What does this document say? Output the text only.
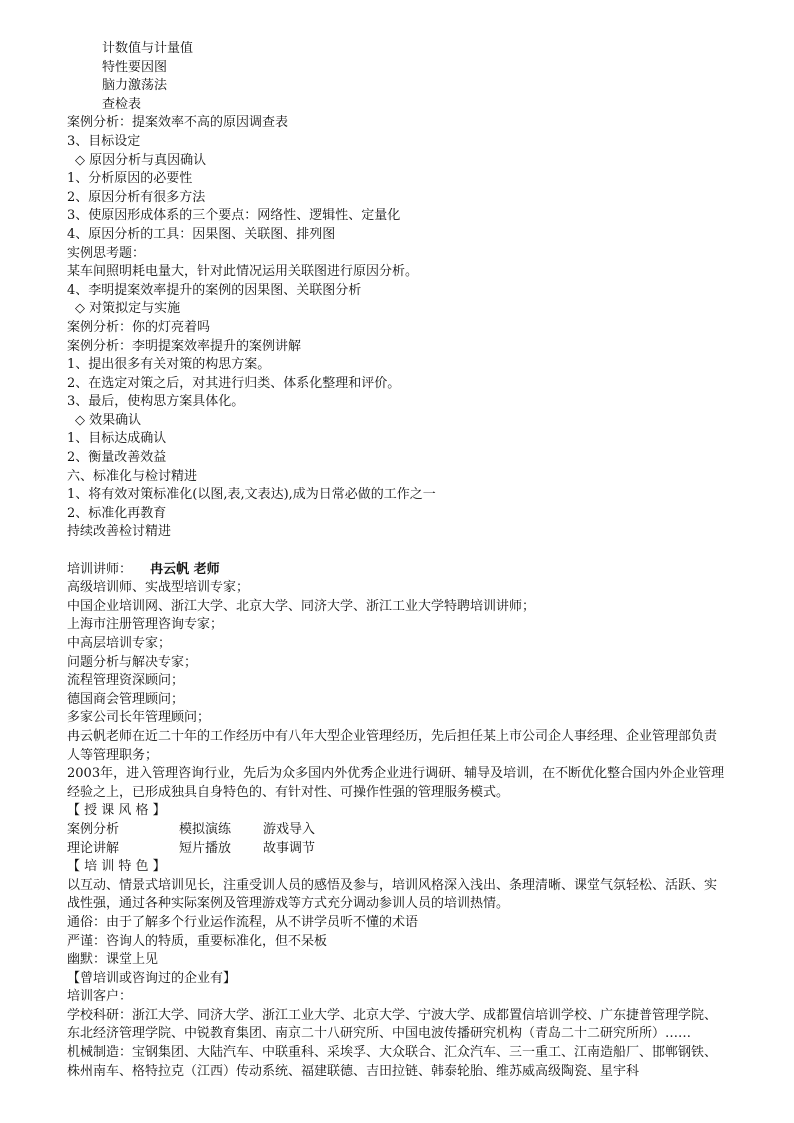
计数值与计量值
特性要因图
脑力激荡法
查检表
案例分析：提案效率不高的原因调查表
3、目标设定
◇ 原因分析与真因确认
1、分析原因的必要性
2、原因分析有很多方法
3、使原因形成体系的三个要点：网络性、逻辑性、定量化
4、原因分析的工具：因果图、关联图、排列图
实例思考题：
某车间照明耗电量大，针对此情况运用关联图进行原因分析。
4、李明提案效率提升的案例的因果图、关联图分析
◇ 对策拟定与实施
案例分析：你的灯亮着吗
案例分析：李明提案效率提升的案例讲解
1、提出很多有关对策的构思方案。
2、在选定对策之后，对其进行归类、体系化整理和评价。
3、最后，使构思方案具体化。
◇ 效果确认
1、目标达成确认
2、衡量改善效益
六、标准化与检讨精进
1、将有效对策标准化(以图,表,文表达),成为日常必做的工作之一
2、标准化再教育
持续改善检讨精进
培训讲师： 冉云帆 老师
高级培训师、实战型培训专家；
中国企业培训网、浙江大学、北京大学、同济大学、浙江工业大学特聘培训讲师；
上海市注册管理咨询专家；
中高层培训专家；
问题分析与解决专家；
流程管理资深顾问；
德国商会管理顾问；
多家公司长年管理顾问；
冉云帆老师在近二十年的工作经历中有八年大型企业管理经历，先后担任某上市公司企人事经理、企业管理部负责人等管理职务；
2003年，进入管理咨询行业，先后为众多国内外优秀企业进行调研、辅导及培训，在不断优化整合国内外企业管理经验之上，已形成独具自身特色的、有针对性、可操作性强的管理服务模式。
【 授 课 风 格 】
案例分析	模拟演练	游戏导入
理论讲解	短片播放	故事调节
【 培 训 特 色 】
以互动、情景式培训见长，注重受训人员的感悟及参与，培训风格深入浅出、条理清晰、课堂气氛轻松、活跃、实战性强，通过各种实际案例及管理游戏等方式充分调动参训人员的培训热情。
通俗：由于了解多个行业运作流程，从不讲学员听不懂的术语
严谨：咨询人的特质，重要标准化，但不呆板
幽默：课堂上见
【曾培训或咨询过的企业有】
培训客户：
学校科研：浙江大学、同济大学、浙江工业大学、北京大学、宁波大学、成都置信培训学校、广东捷普管理学院、东北经济管理学院、中锐教育集团、南京二十八研究所、中国电波传播研究机构（青岛二十二研究所所）……
机械制造：宝钢集团、大陆汽车、中联重科、采埃孚、大众联合、汇众汽车、三一重工、江南造船厂、邯郸钢铁、株州南车、格特拉克（江西）传动系统、福建联德、吉田拉链、韩泰轮胎、维苏威高级陶瓷、星宇科
